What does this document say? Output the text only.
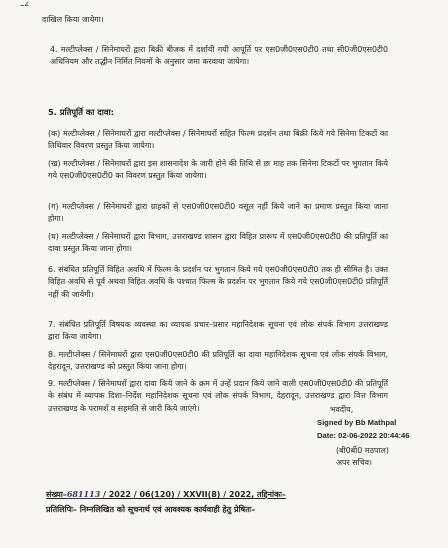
13/2022
दाखिल किया जायेगा।
4. मल्टीप्लेक्स / सिनेमाघरों द्वारा बिक्री बीजक में दर्शायी गयी आपूर्ति पर एस0जी0एस0टी0 तथा सी0जी0एस0टी0 अधिनियम और तद्धीन निर्मित नियमों के अनुसार जमा करवाया जायेगा।
5. प्रतिपूर्ति का दावा:
(क) मल्टीप्लेक्स / सिनेमाघरों द्वारा मल्टीप्लेक्स / सिनेमाघरों सहित फिल्म प्रदर्शन तथा बिक्री किये गये सिनेमा टिकटों का तिथिवार विवरण प्रस्तुत किया जायेगा।
(ख) मल्टीप्लेक्स / सिनेमाघरों द्वारा इस शासनादेश के जारी होने की तिथि से छः माह तक सिनेमा टिकटों पर भुगतान किये गये एस0जी0एस0टी0 का विवरण प्रस्तुत किया जायेगा।
(ग) मल्टीप्लेक्स / सिनेमाघरों द्वारा ग्राहकों से एस0जी0एस0टी0 वसूल नहीं किये जाने का प्रमाण प्रस्तुत किया जाना होगा।
(घ) मल्टीप्लेक्स / सिनेमाघरों द्वारा विभाग, उत्तराखण्ड शासन द्वारा विहित प्रारूप में एस0जी0एस0टी0 की प्रतिपूर्ति का दावा प्रस्तुत किया जाना होगा।
6. संबंधित प्रतिपूर्ति विहित अवधि में फिल्म के प्रदर्शन पर भुगतान किये गये एस0जी0एस0टी0 तक ही सीमित है। उक्त विहित अवधि से पूर्व अथवा विहित अवधि के पश्चात फिल्म के प्रदर्शन पर भुगतान किये गये एस0जी0एस0टी0 प्रतिपूर्ति नहीं की जायेगी।
7. संबंधित प्रतिपूर्ति विषयक व्यवस्था का व्यापक प्रचार–प्रसार महानिदेशक सूचना एवं लोक संपर्क विभाग उत्तराखण्ड द्वारा किया जायेगा।
8. मल्टीप्लेक्स / सिनेमाघरों द्वारा एस0जी0एस0टी0 की प्रतिपूर्ति का दावा महानिदेशक सूचना एवं लोक संपर्क विभाग, देहरादून, उत्तराखण्ड को प्रस्तुत किया जाना होगा।
9. मल्टीप्लेक्स / सिनेमाघरों द्वारा दावा किये जाने के क्रम में उन्हें प्रदान किये जाने वाली एस0जी0एस0टी0 की प्रतिपूर्ति के संबंध में व्यापक दिशा–निर्देश महानिदेशक सूचना एवं लोक संपर्क विभाग, देहरादून, उत्तराखण्ड द्वारा वित्त विभाग उत्तराखण्ड के परामर्श व सहमति से जारी किये जाएंगे।	भवदीय,
Signed by Bb Mathpal
Date: 02-06-2022 20:44:46
(बी0बी0 मठपाल)
अपर सचिव।
संख्या–681113 / 2022 / 06(120) / XXVII(8) / 2022, तद्दिनांकः–
प्रतिलिपिः– निम्नलिखित को सूचनार्थ एवं आवश्यक कार्यवाही हेतु प्रेषितः–
